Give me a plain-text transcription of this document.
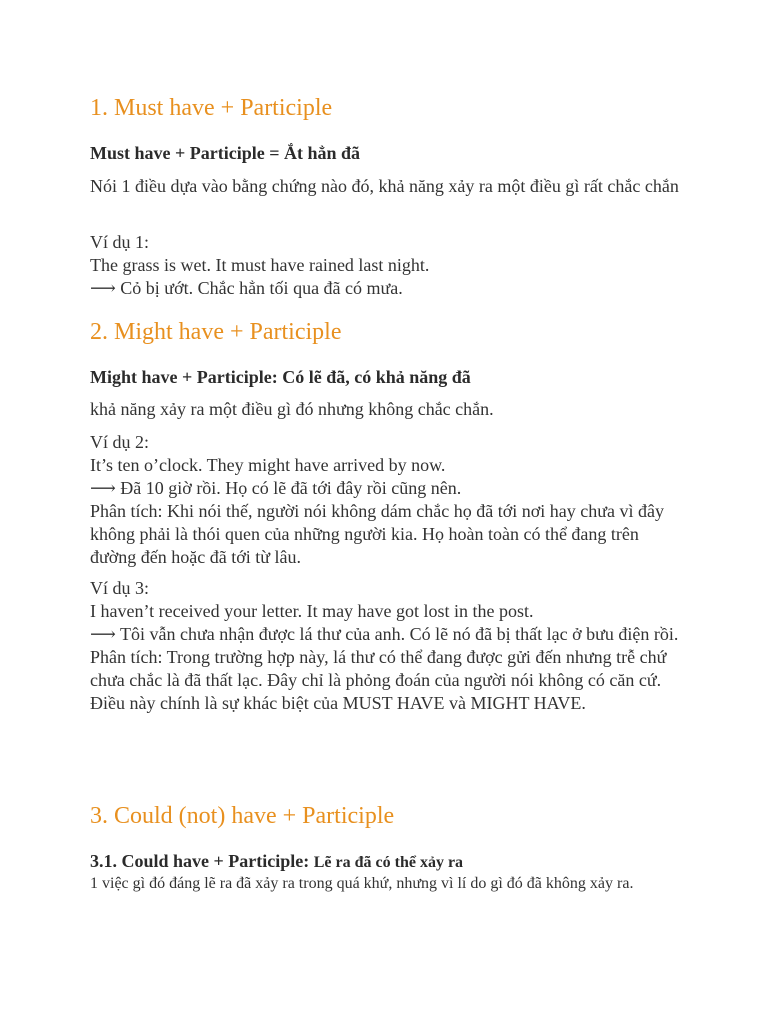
1. Must have + Participle
Must have + Participle = Ắt hẳn đã
Nói 1 điều dựa vào bằng chứng nào đó, khả năng xảy ra một điều gì rất chắc chắn
Ví dụ 1:
The grass is wet. It must have rained last night.
⟶ Cỏ bị ướt. Chắc hẳn tối qua đã có mưa.
2. Might have + Participle
Might have + Participle: Có lẽ đã, có khả năng đã
khả năng xảy ra một điều gì đó nhưng không chắc chắn.
Ví dụ 2:
It’s ten o’clock. They might have arrived by now.
⟶ Đã 10 giờ rồi. Họ có lẽ đã tới đây rồi cũng nên.
Phân tích: Khi nói thế, người nói không dám chắc họ đã tới nơi hay chưa vì đây không phải là thói quen của những người kia. Họ hoàn toàn có thể đang trên đường đến hoặc đã tới từ lâu.
Ví dụ 3:
I haven’t received your letter. It may have got lost in the post.
⟶ Tôi vẫn chưa nhận được lá thư của anh. Có lẽ nó đã bị thất lạc ở bưu điện rồi.
Phân tích: Trong trường hợp này, lá thư có thể đang được gửi đến nhưng trễ chứ chưa chắc là đã thất lạc. Đây chỉ là phỏng đoán của người nói không có căn cứ. Điều này chính là sự khác biệt của MUST HAVE và MIGHT HAVE.
3. Could (not) have + Participle
3.1. Could have + Participle: Lẽ ra đã có thể xảy ra
1 việc gì đó đáng lẽ ra đã xảy ra trong quá khứ, nhưng vì lí do gì đó đã không xảy ra.
